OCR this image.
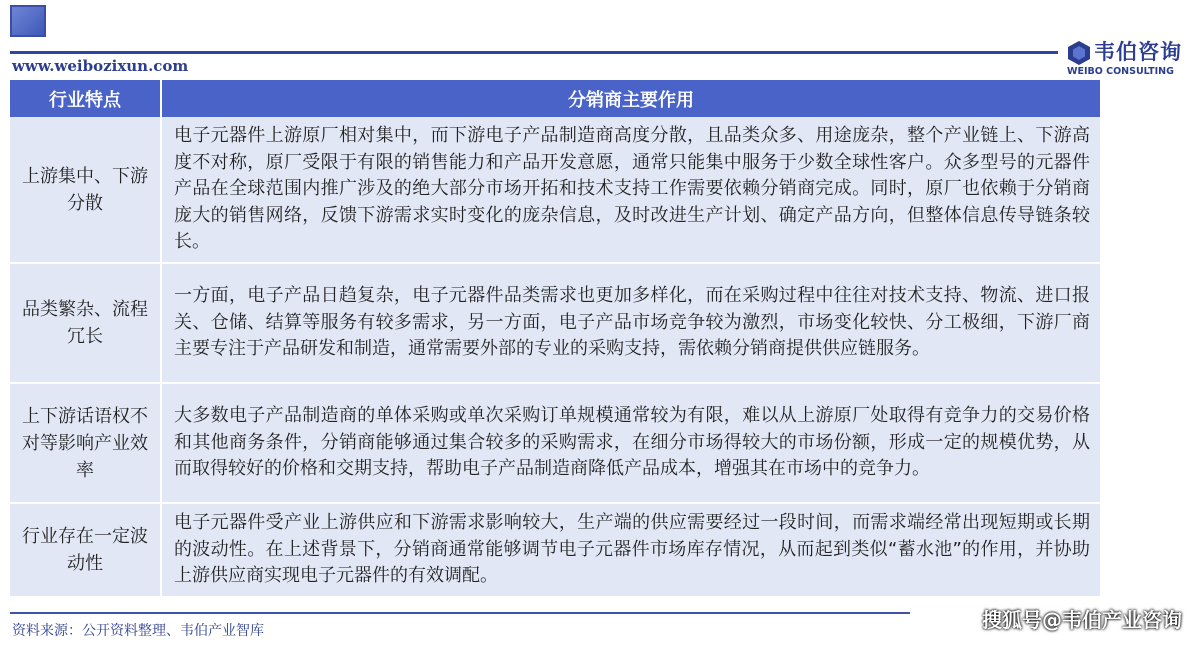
www.weibozixun.com
韦伯咨询
WEIBO CONSULTING
行业特点	分销商主要作用
上游集中、下游分散	电子元器件上游原厂相对集中，而下游电子产品制造商高度分散，且品类众多、用途庞杂，整个产业链上、下游高度不对称，原厂受限于有限的销售能力和产品开发意愿，通常只能集中服务于少数全球性客户。众多型号的元器件产品在全球范围内推广涉及的绝大部分市场开拓和技术支持工作需要依赖分销商完成。同时，原厂也依赖于分销商庞大的销售网络，反馈下游需求实时变化的庞杂信息，及时改进生产计划、确定产品方向，但整体信息传导链条较长。
品类繁杂、流程冗长	一方面，电子产品日趋复杂，电子元器件品类需求也更加多样化，而在采购过程中往往对技术支持、物流、进口报关、仓储、结算等服务有较多需求，另一方面，电子产品市场竞争较为激烈，市场变化较快、分工极细，下游厂商主要专注于产品研发和制造，通常需要外部的专业的采购支持，需依赖分销商提供供应链服务。
上下游话语权不对等影响产业效率	大多数电子产品制造商的单体采购或单次采购订单规模通常较为有限，难以从上游原厂处取得有竞争力的交易价格和其他商务条件，分销商能够通过集合较多的采购需求，在细分市场得较大的市场份额，形成一定的规模优势，从而取得较好的价格和交期支持，帮助电子产品制造商降低产品成本，增强其在市场中的竞争力。
行业存在一定波动性	电子元器件受产业上游供应和下游需求影响较大，生产端的供应需要经过一段时间，而需求端经常出现短期或长期的波动性。在上述背景下，分销商通常能够调节电子元器件市场库存情况，从而起到类似“蓄水池”的作用，并协助上游供应商实现电子元器件的有效调配。
资料来源：公开资料整理、韦伯产业智库	搜狐号@韦伯产业咨询
